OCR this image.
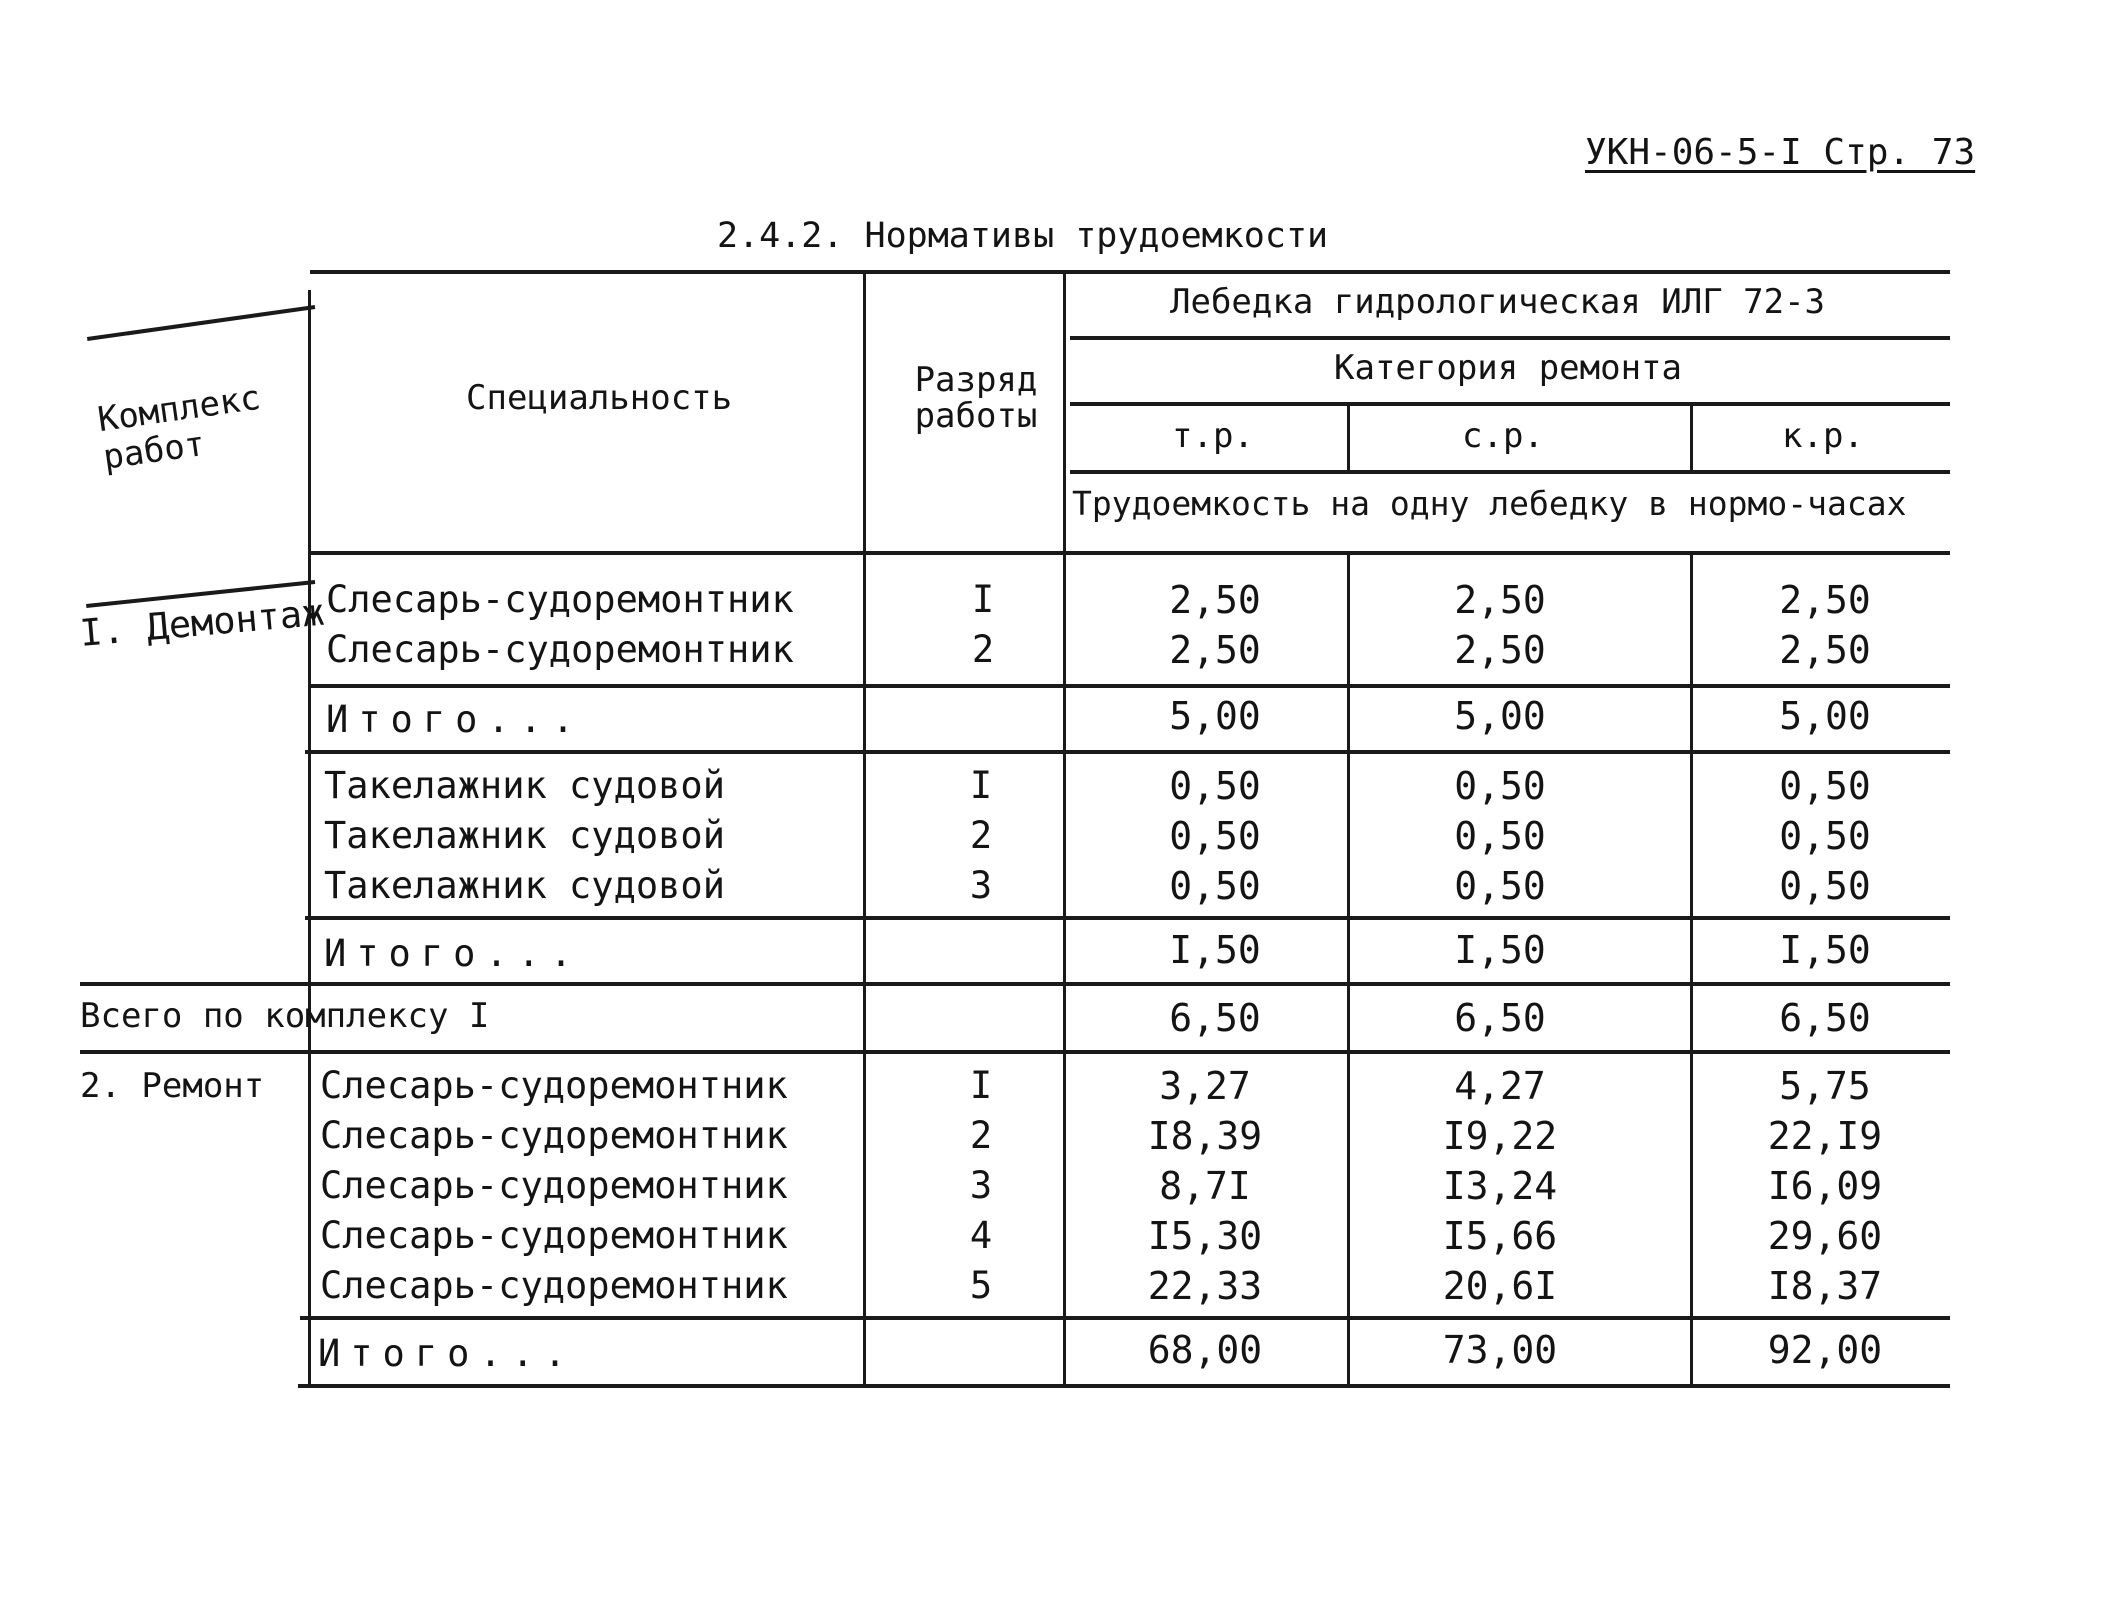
УКН-06-5-I Стр. 73
2.4.2. Нормативы трудоемкости
Комплекс работ
Специальность	Разряд работы
Лебедка гидрологическая ИЛГ 72-3
Категория ремонта
т.р.	с.р.	к.р.
Трудоемкость на одну лебедку в нормо-часах
I. Демонтаж Слесарь-судоремонтник	I	2,50	2,50	2,50
Слесарь-судоремонтник	2	2,50	2,50	2,50
Итого...	5,00	5,00	5,00
Такелажник судовой	I	0,50	0,50	0,50
Такелажник судовой	2	0,50	0,50	0,50
Такелажник судовой	3	0,50	0,50	0,50
Итого...	I,50	I,50	I,50
Всего по комплексу I	6,50	6,50	6,50
2. Ремонт Слесарь-судоремонтник	I	3,27	4,27	5,75
Слесарь-судоремонтник	2	I8,39	I9,22	22,I9
Слесарь-судоремонтник	3	8,7I	I3,24	I6,09
Слесарь-судоремонтник	4	I5,30	I5,66	29,60
Слесарь-судоремонтник	5	22,33	20,6I	I8,37
Итого...	68,00	73,00	92,00
